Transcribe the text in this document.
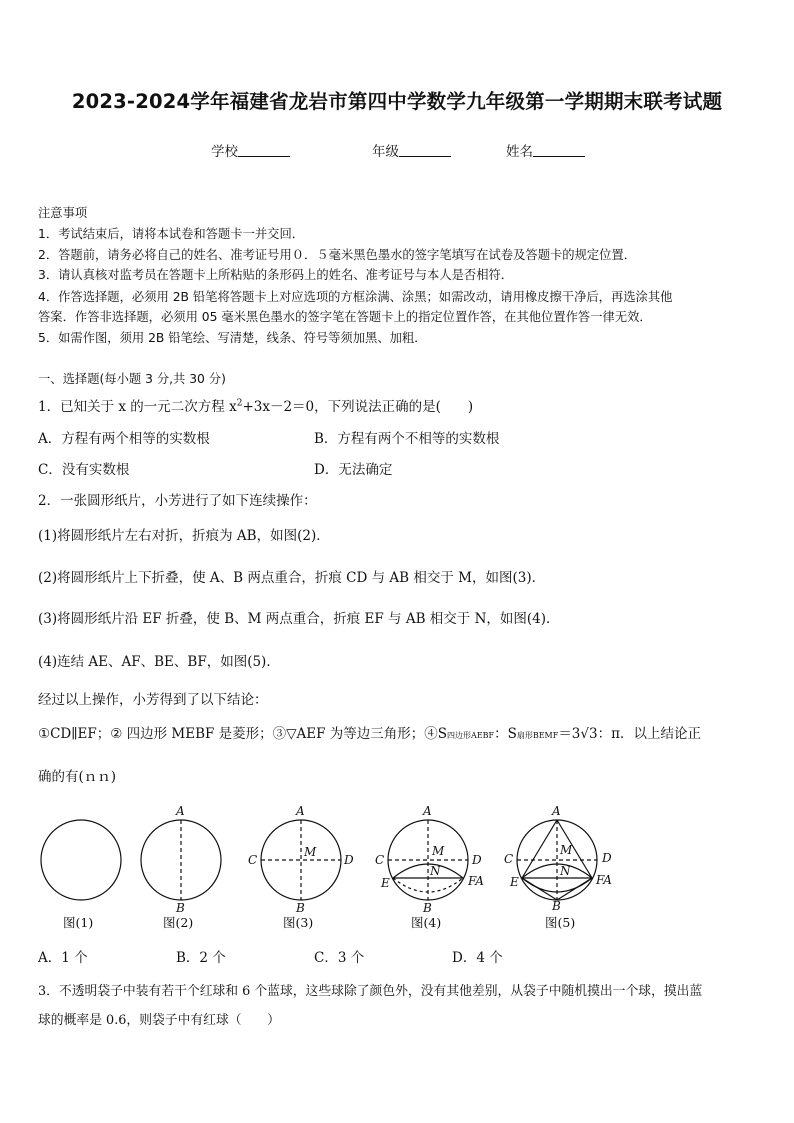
2023-2024学年福建省龙岩市第四中学数学九年级第一学期期末联考试题
学校	年级	姓名
注意事项
1．考试结束后，请将本试卷和答题卡一并交回．
2．答题前，请务必将自己的姓名、准考证号用０．５毫米黑色墨水的签字笔填写在试卷及答题卡的规定位置．
3．请认真核对监考员在答题卡上所粘贴的条形码上的姓名、准考证号与本人是否相符．
4．作答选择题，必须用 2B 铅笔将答题卡上对应选项的方框涂满、涂黑；如需改动，请用橡皮擦干净后，再选涂其他
答案．作答非选择题，必须用 05 毫米黑色墨水的签字笔在答题卡上的指定位置作答，在其他位置作答一律无效．
5．如需作图，须用 2B 铅笔绘、写清楚，线条、符号等须加黑、加粗．
一、选择题(每小题 3 分,共 30 分)
1．已知关于 x 的一元二次方程 $x^2+3x-2=0$，下列说法正确的是(　　)
A．方程有两个相等的实数根	B．方程有两个不相等的实数根
C．没有实数根	D．无法确定
2．一张圆形纸片，小芳进行了如下连续操作：
(1)将圆形纸片左右对折，折痕为 AB，如图(2)．
(2)将圆形纸片上下折叠，使 A、B 两点重合，折痕 CD 与 AB 相交于 M，如图(3)．
(3)将圆形纸片沿 EF 折叠，使 B、M 两点重合，折痕 EF 与 AB 相交于 N，如图(4)．
(4)连结 AE、AF、BE、BF，如图(5)．
经过以上操作，小芳得到了以下结论：
①CD∥EF；② 四边形 MEBF 是菱形；③▽AEF 为等边三角形；④S四边形AEBF：S扇形BEMF＝3√3：π．以上结论正
确的有(ｎｎ)
A
B
A
B
C	D
M
A
B
C	D
M
N
E	FA
A
B
C	D
M
N
E	FA
图(1)	图(2)	图(3)	图(4)	图(5)
A．1 个	B．2 个	C．3 个	D．4 个
3．不透明袋子中装有若干个红球和 6 个蓝球，这些球除了颜色外，没有其他差别，从袋子中随机摸出一个球，摸出蓝
球的概率是 0.6，则袋子中有红球（　　）
